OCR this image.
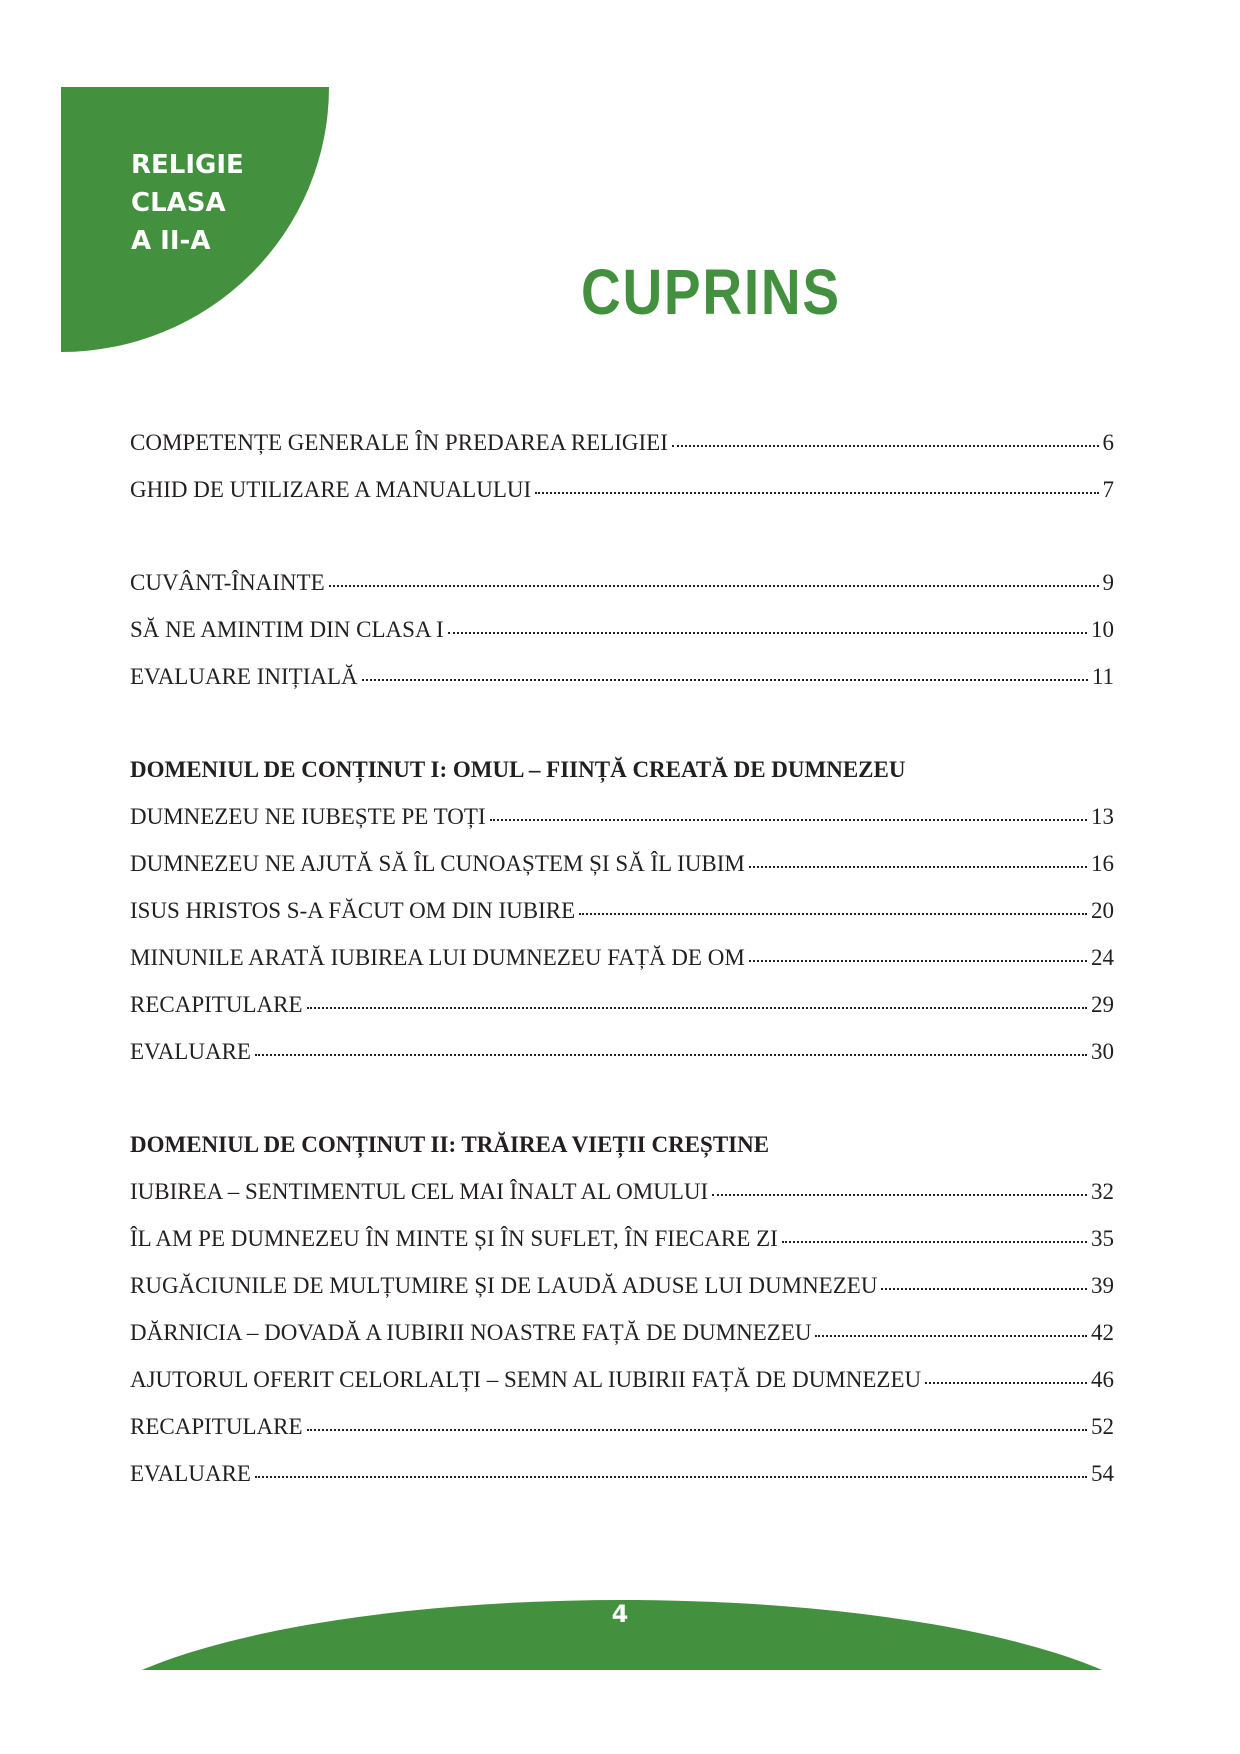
RELIGIE
CLASA
A II-A
CUPRINS
COMPETENȚE GENERALE ÎN PREDAREA RELIGIEI	6
GHID DE UTILIZARE A MANUALULUI	7
CUVÂNT-ÎNAINTE	9
SĂ NE AMINTIM DIN CLASA I	10
EVALUARE INIȚIALĂ	11
DOMENIUL DE CONȚINUT I: OMUL – FIINȚĂ CREATĂ DE DUMNEZEU
DUMNEZEU NE IUBEȘTE PE TOȚI	13
DUMNEZEU NE AJUTĂ SĂ ÎL CUNOAȘTEM ȘI SĂ ÎL IUBIM	16
ISUS HRISTOS S-A FĂCUT OM DIN IUBIRE	20
MINUNILE ARATĂ IUBIREA LUI DUMNEZEU FAȚĂ DE OM	24
RECAPITULARE	29
EVALUARE	30
DOMENIUL DE CONȚINUT II: TRĂIREA VIEȚII CREȘTINE
IUBIREA – SENTIMENTUL CEL MAI ÎNALT AL OMULUI	32
ÎL AM PE DUMNEZEU ÎN MINTE ȘI ÎN SUFLET, ÎN FIECARE ZI	35
RUGĂCIUNILE DE MULȚUMIRE ȘI DE LAUDĂ ADUSE LUI DUMNEZEU	39
DĂRNICIA – DOVADĂ A IUBIRII NOASTRE FAȚĂ DE DUMNEZEU	42
AJUTORUL OFERIT CELORLALȚI – SEMN AL IUBIRII FAȚĂ DE DUMNEZEU	46
RECAPITULARE	52
EVALUARE	54
4
